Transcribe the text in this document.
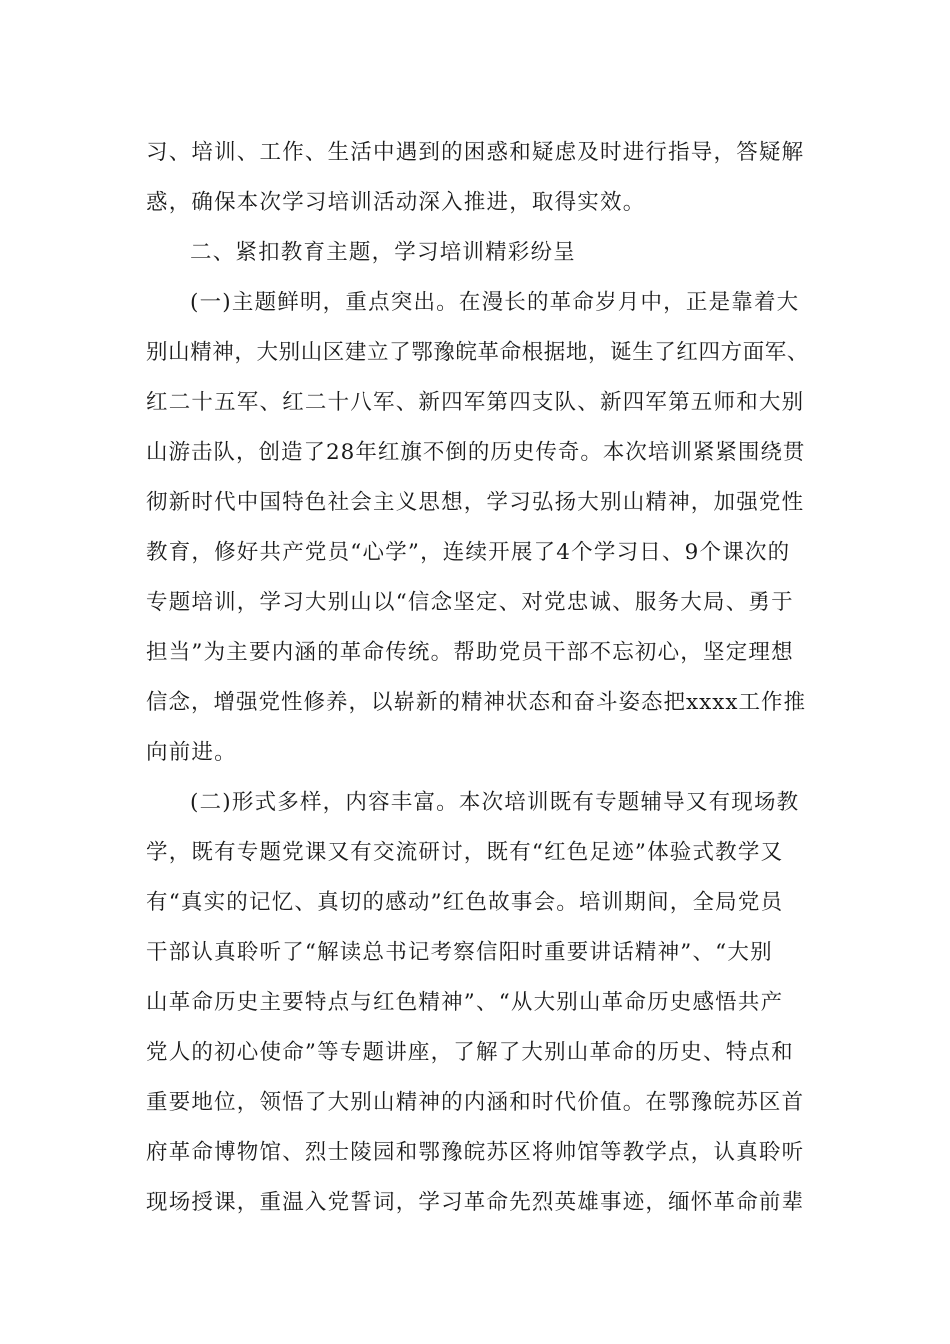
习、培训、工作、生活中遇到的困惑和疑虑及时进行指导，答疑解

惑，确保本次学习培训活动深入推进，取得实效。

二、紧扣教育主题，学习培训精彩纷呈

(一)主题鲜明，重点突出。在漫长的革命岁月中，正是靠着大

别山精神，大别山区建立了鄂豫皖革命根据地，诞生了红四方面军、

红二十五军、红二十八军、新四军第四支队、新四军第五师和大别

山游击队，创造了28年红旗不倒的历史传奇。本次培训紧紧围绕贯

彻新时代中国特色社会主义思想，学习弘扬大别山精神，加强党性

教育，修好共产党员“心学”，连续开展了4个学习日、9个课次的

专题培训，学习大别山以“信念坚定、对党忠诚、服务大局、勇于

担当”为主要内涵的革命传统。帮助党员干部不忘初心，坚定理想

信念，增强党性修养，以崭新的精神状态和奋斗姿态把xxxx工作推

向前进。

(二)形式多样，内容丰富。本次培训既有专题辅导又有现场教

学，既有专题党课又有交流研讨，既有“红色足迹”体验式教学又

有“真实的记忆、真切的感动”红色故事会。培训期间，全局党员

干部认真聆听了“解读总书记考察信阳时重要讲话精神”、“大别

山革命历史主要特点与红色精神”、“从大别山革命历史感悟共产

党人的初心使命”等专题讲座，了解了大别山革命的历史、特点和

重要地位，领悟了大别山精神的内涵和时代价值。在鄂豫皖苏区首

府革命博物馆、烈士陵园和鄂豫皖苏区将帅馆等教学点，认真聆听

现场授课，重温入党誓词，学习革命先烈英雄事迹，缅怀革命前辈
